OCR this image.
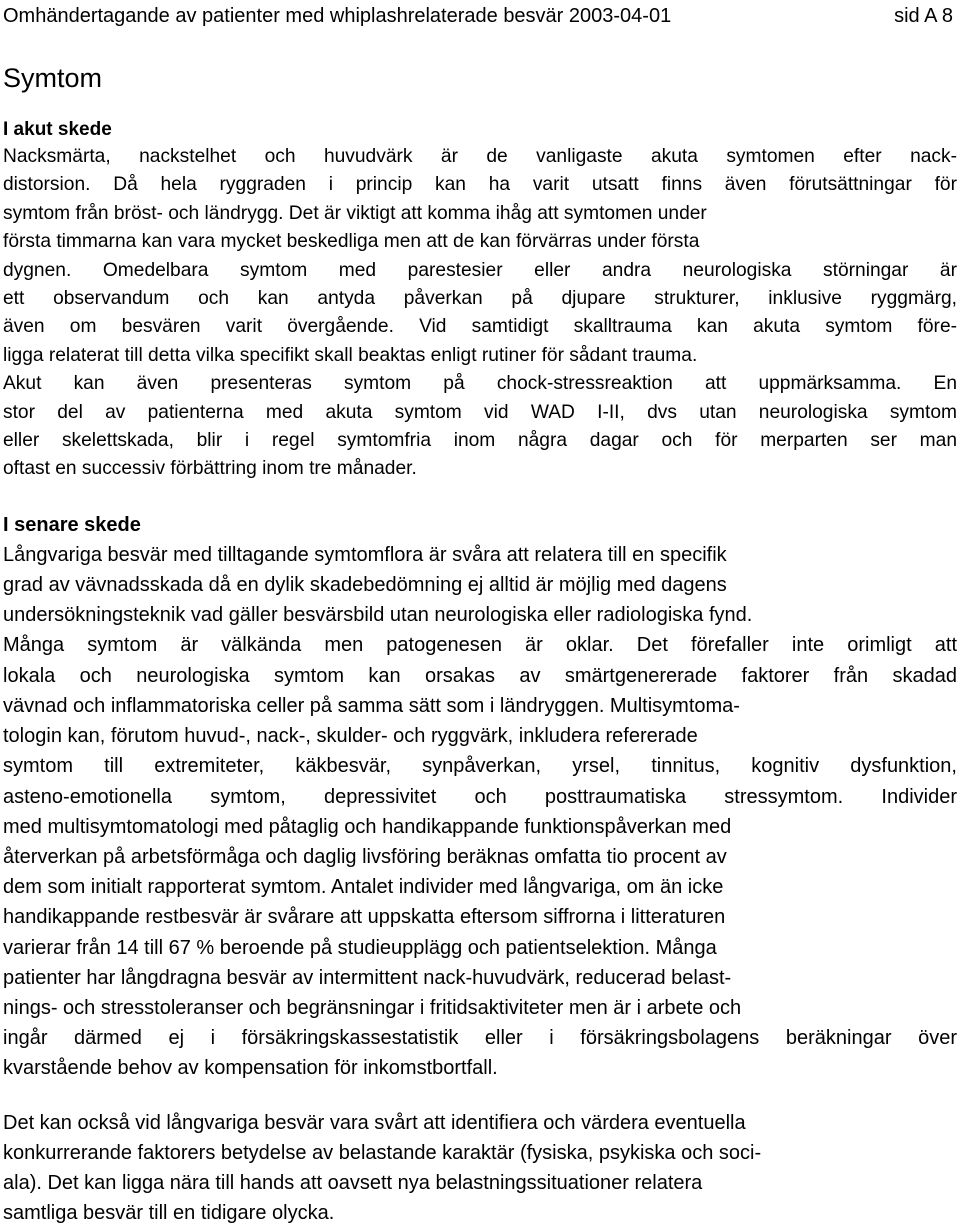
Omhändertagande av patienter med whiplashrelaterade besvär 2003-04-01	sid A 8
Symtom
I akut skede
Nacksmärta, nackstelhet och huvudvärk är de vanligaste akuta symtomen efter nack-
distorsion. Då hela ryggraden i princip kan ha varit utsatt finns även förutsättningar för
symtom från bröst- och ländrygg. Det är viktigt att komma ihåg att symtomen under
första timmarna kan vara mycket beskedliga men att de kan förvärras under första
dygnen. Omedelbara symtom med parestesier eller andra neurologiska störningar är
ett observandum och kan antyda påverkan på djupare strukturer, inklusive ryggmärg,
även om besvären varit övergående. Vid samtidigt skalltrauma kan akuta symtom före-
ligga relaterat till detta vilka specifikt skall beaktas enligt rutiner för sådant trauma.
Akut kan även presenteras symtom på chock-stressreaktion att uppmärksamma. En
stor del av patienterna med akuta symtom vid WAD I-II, dvs utan neurologiska symtom
eller skelettskada, blir i regel symtomfria inom några dagar och för merparten ser man
oftast en successiv förbättring inom tre månader.
I senare skede
Långvariga besvär med tilltagande symtomflora är svåra att relatera till en specifik
grad av vävnadsskada då en dylik skadebedömning ej alltid är möjlig med dagens
undersökningsteknik vad gäller besvärsbild utan neurologiska eller radiologiska fynd.
Många symtom är välkända men patogenesen är oklar. Det förefaller inte orimligt att
lokala och neurologiska symtom kan orsakas av smärtgenererade faktorer från skadad
vävnad och inflammatoriska celler på samma sätt som i ländryggen. Multisymtoma-
tologin kan, förutom huvud-, nack-, skulder- och ryggvärk, inkludera refererade
symtom till extremiteter, käkbesvär, synpåverkan, yrsel, tinnitus, kognitiv dysfunktion,
asteno-emotionella symtom, depressivitet och posttraumatiska stressymtom. Individer
med multisymtomatologi med påtaglig och handikappande funktionspåverkan med
återverkan på arbetsförmåga och daglig livsföring beräknas omfatta tio procent av
dem som initialt rapporterat symtom. Antalet individer med långvariga, om än icke
handikappande restbesvär är svårare att uppskatta eftersom siffrorna i litteraturen
varierar från 14 till 67 % beroende på studieupplägg och patientselektion. Många
patienter har långdragna besvär av intermittent nack-huvudvärk, reducerad belast-
nings- och stresstoleranser och begränsningar i fritidsaktiviteter men är i arbete och
ingår därmed ej i försäkringskassestatistik eller i försäkringsbolagens beräkningar över
kvarstående behov av kompensation för inkomstbortfall.
Det kan också vid långvariga besvär vara svårt att identifiera och värdera eventuella
konkurrerande faktorers betydelse av belastande karaktär (fysiska, psykiska och soci-
ala). Det kan ligga nära till hands att oavsett nya belastningssituationer relatera
samtliga besvär till en tidigare olycka.
